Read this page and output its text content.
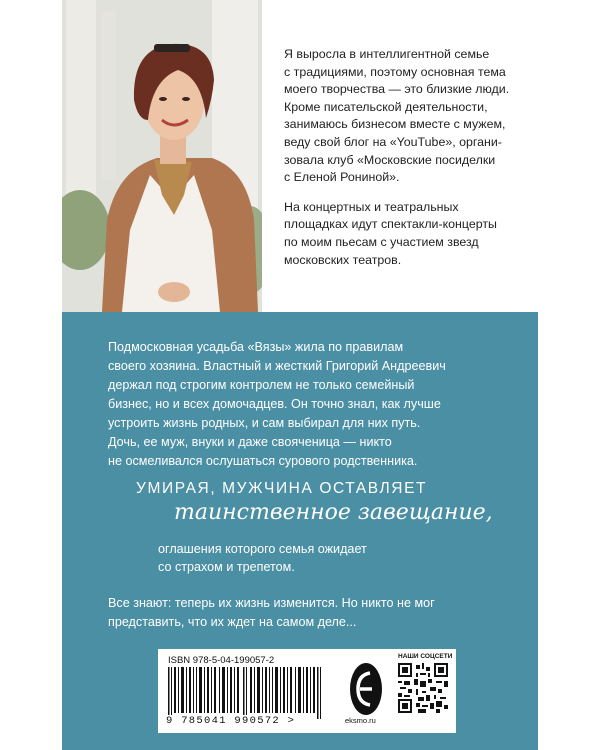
Я выросла в интеллигентной семье
с традициями, поэтому основная тема
моего творчества — это близкие люди.
Кроме писательской деятельности,
занимаюсь бизнесом вместе с мужем,
веду свой блог на «YouTube», органи-
зовала клуб «Московские посиделки
с Еленой Рониной».

На концертных и театральных
площадках идут спектакли-концерты
по моим пьесам с участием звезд
московских театров.

Подмосковная усадьба «Вязы» жила по правилам
своего хозяина. Властный и жесткий Григорий Андреевич
держал под строгим контролем не только семейный
бизнес, но и всех домочадцев. Он точно знал, как лучше
устроить жизнь родных, и сам выбирал для них путь.
Дочь, ее муж, внуки и даже свояченица — никто
не осмеливался ослушаться сурового родственника.
УМИРАЯ, МУЖЧИНА ОСТАВЛЯЕТ
таинственное завещание,
оглашения которого семья ожидает
со страхом и трепетом.
Все знают: теперь их жизнь изменится. Но никто не мог
представить, что их ждет на самом деле...
ISBN 978-5-04-199057-2
9 785041 990572 >	eksmo.ru
НАШИ СОЦСЕТИ
